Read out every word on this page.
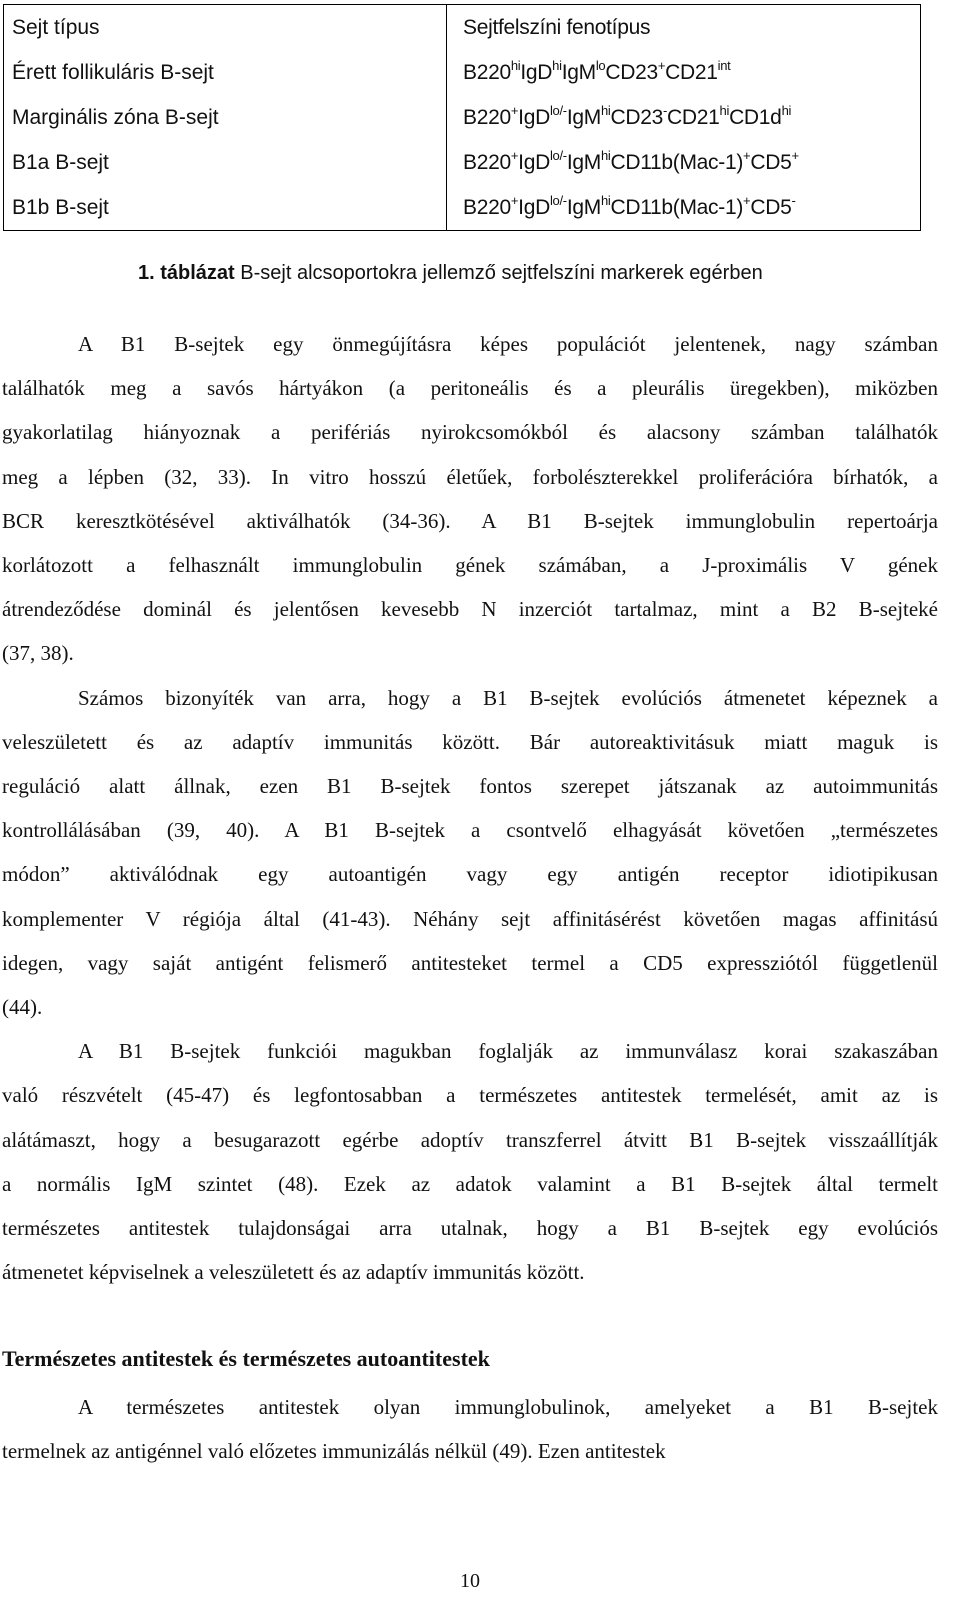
Sejt típus	Sejtfelszíni fenotípus
Érett follikuláris B-sejt	$B220^{hi}IgD^{hi}IgM^{lo}CD23^+CD21^{int}$
Marginális zóna B-sejt	$B220^+IgD^{lo/-}IgM^{hi}CD23^-CD21^{hi}CD1d^{hi}$
B1a B-sejt	B220+IgD$^{lo/-}$IgM$^{hi}$CD11b(Mac-1)+CD5+
B1b B-sejt	B220+IgD$^{lo/-}$IgM$^{hi}$CD11b(Mac-1)+CD5-
1. táblázat B-sejt alcsoportokra jellemző sejtfelszíni markerek egérben

A B1 B-sejtek egy önmegújításra képes populációt jelentenek, nagy számban
találhatók meg a savós hártyákon (a peritoneális és a pleurális üregekben), miközben
gyakorlatilag hiányoznak a perifériás nyirokcsomókból és alacsony számban találhatók
meg a lépben (32, 33). In vitro hosszú életűek, forbolészterekkel proliferációra bírhatók, a
BCR keresztkötésével aktiválhatók (34-36). A B1 B-sejtek immunglobulin repertoárja
korlátozott a felhasznált immunglobulin gének számában, a J-proximális V gének
átrendeződése dominál és jelentősen kevesebb N inzerciót tartalmaz, mint a B2 B-sejteké
(37, 38).

Számos bizonyíték van arra, hogy a B1 B-sejtek evolúciós átmenetet képeznek a
veleszületett és az adaptív immunitás között. Bár autoreaktivitásuk miatt maguk is
reguláció alatt állnak, ezen B1 B-sejtek fontos szerepet játszanak az autoimmunitás
kontrollálásában (39, 40). A B1 B-sejtek a csontvelő elhagyását követően „természetes
módon” aktiválódnak egy autoantigén vagy egy antigén receptor idiotipikusan
komplementer V régiója által (41-43). Néhány sejt affinitásérést követően magas affinitású
idegen, vagy saját antigént felismerő antitesteket termel a CD5 expressziótól függetlenül
(44).

A B1 B-sejtek funkciói magukban foglalják az immunválasz korai szakaszában
való részvételt (45-47) és legfontosabban a természetes antitestek termelését, amit az is
alátámaszt, hogy a besugarazott egérbe adoptív transzferrel átvitt B1 B-sejtek visszaállítják
a normális IgM szintet (48). Ezek az adatok valamint a B1 B-sejtek által termelt
természetes antitestek tulajdonságai arra utalnak, hogy a B1 B-sejtek egy evolúciós
átmenetet képviselnek a veleszületett és az adaptív immunitás között.

Természetes antitestek és természetes autoantitestek
A természetes antitestek olyan immunglobulinok, amelyeket a B1 B-sejtek
termelnek az antigénnel való előzetes immunizálás nélkül (49). Ezen antitestek
10
